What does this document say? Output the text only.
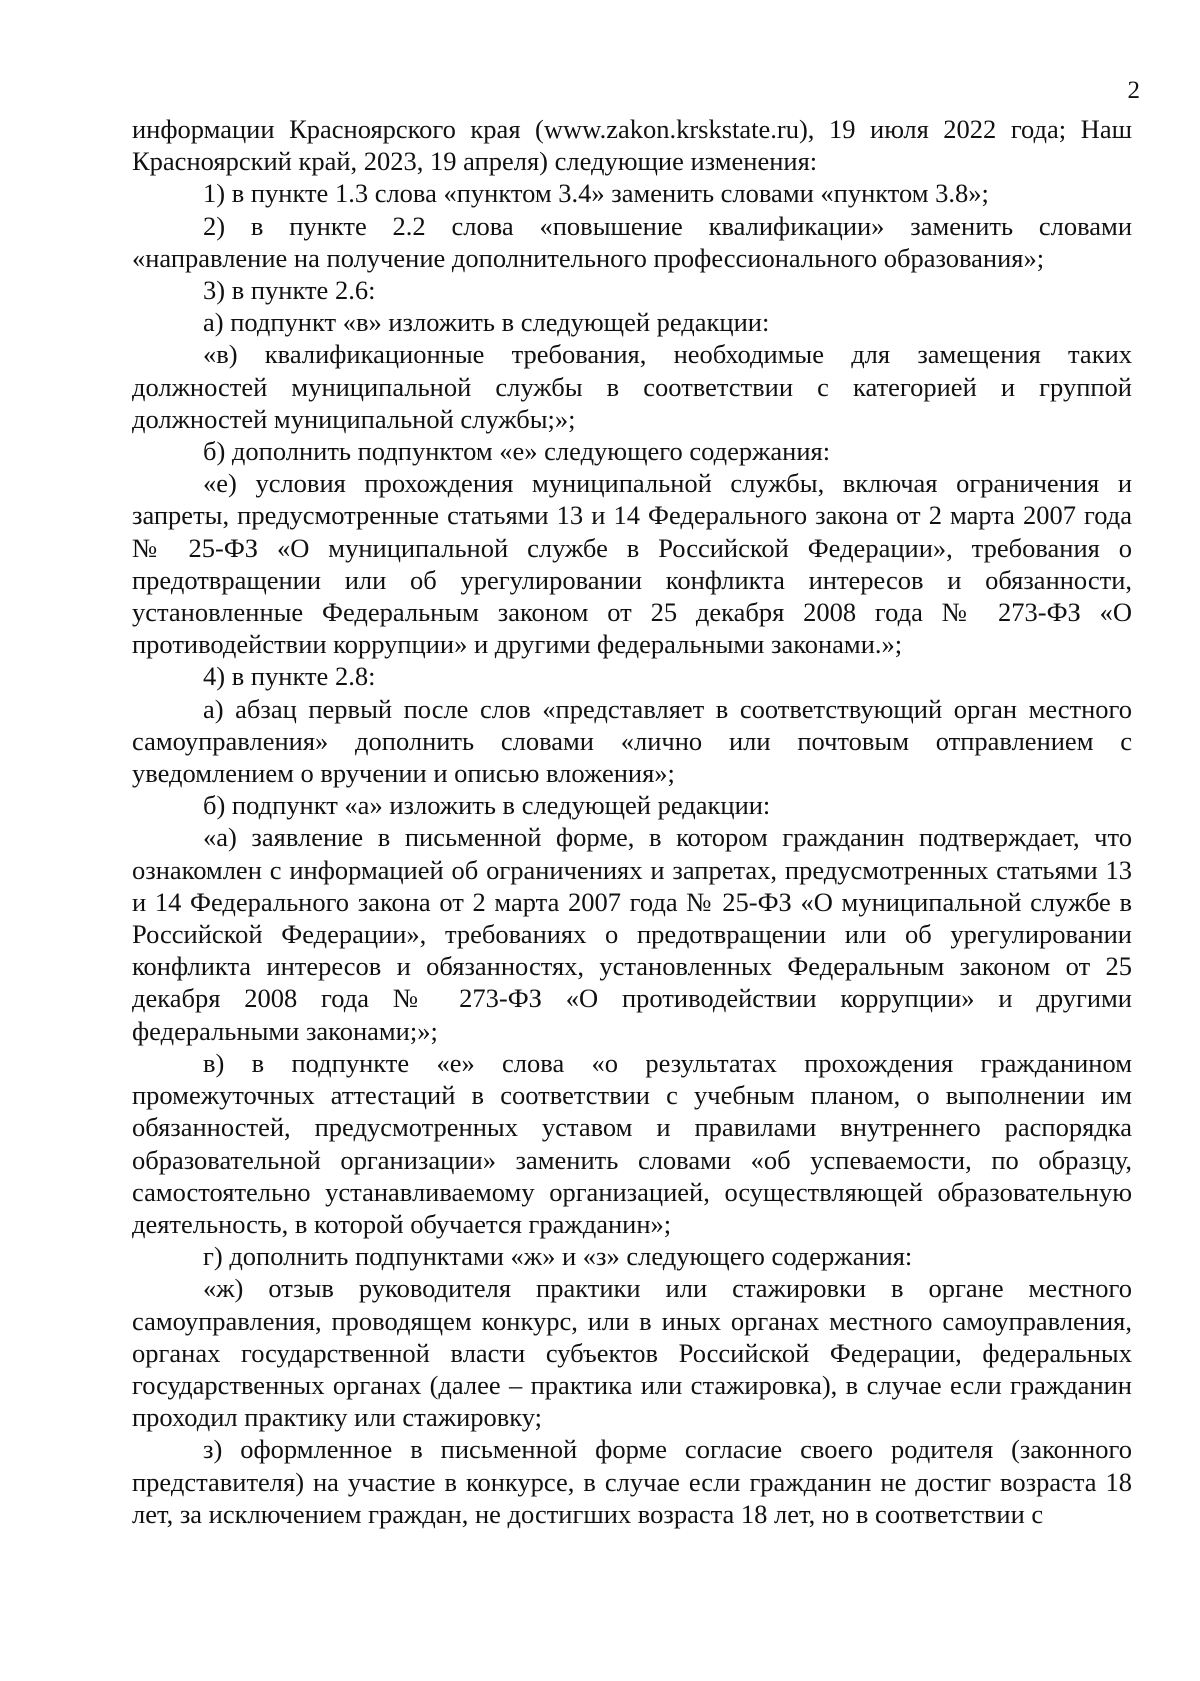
2

информации Красноярского края (www.zakon.krskstate.ru), 19 июля 2022 года; Наш Красноярский край, 2023, 19 апреля) следующие изменения:

1) в пункте 1.3 слова «пунктом 3.4» заменить словами «пунктом 3.8»;

2) в пункте 2.2 слова «повышение квалификации» заменить словами «направление на получение дополнительного профессионального образования»;

3) в пункте 2.6:

а) подпункт «в» изложить в следующей редакции:

«в) квалификационные требования, необходимые для замещения таких должностей муниципальной службы в соответствии с категорией и группой должностей муниципальной службы;»;

б) дополнить подпунктом «е» следующего содержания:

«е) условия прохождения муниципальной службы, включая ограничения и запреты, предусмотренные статьями 13 и 14 Федерального закона от 2 марта 2007 года № 25-ФЗ «О муниципальной службе в Российской Федерации», требования о предотвращении или об урегулировании конфликта интересов и обязанности, установленные Федеральным законом от 25 декабря 2008 года № 273-ФЗ «О противодействии коррупции» и другими федеральными законами.»;

4) в пункте 2.8:

а) абзац первый после слов «представляет в соответствующий орган местного самоуправления» дополнить словами «лично или почтовым отправлением с уведомлением о вручении и описью вложения»;

б) подпункт «а» изложить в следующей редакции:

«а) заявление в письменной форме, в котором гражданин подтверждает, что ознакомлен с информацией об ограничениях и запретах, предусмотренных статьями 13 и 14 Федерального закона от 2 марта 2007 года № 25-ФЗ «О муниципальной службе в Российской Федерации», требованиях о предотвращении или об урегулировании конфликта интересов и обязанностях, установленных Федеральным законом от 25 декабря 2008 года № 273-ФЗ «О противодействии коррупции» и другими федеральными законами;»;

в) в подпункте «е» слова «о результатах прохождения гражданином промежуточных аттестаций в соответствии с учебным планом, о выполнении им обязанностей, предусмотренных уставом и правилами внутреннего распорядка образовательной организации» заменить словами «об успеваемости, по образцу, самостоятельно устанавливаемому организацией, осуществляющей образовательную деятельность, в которой обучается гражданин»;

г) дополнить подпунктами «ж» и «з» следующего содержания:

«ж) отзыв руководителя практики или стажировки в органе местного самоуправления, проводящем конкурс, или в иных органах местного самоуправления, органах государственной власти субъектов Российской Федерации, федеральных государственных органах (далее – практика или стажировка), в случае если гражданин проходил практику или стажировку;

з) оформленное в письменной форме согласие своего родителя (законного представителя) на участие в конкурсе, в случае если гражданин не достиг возраста 18 лет, за исключением граждан, не достигших возраста 18 лет, но в соответствии с
